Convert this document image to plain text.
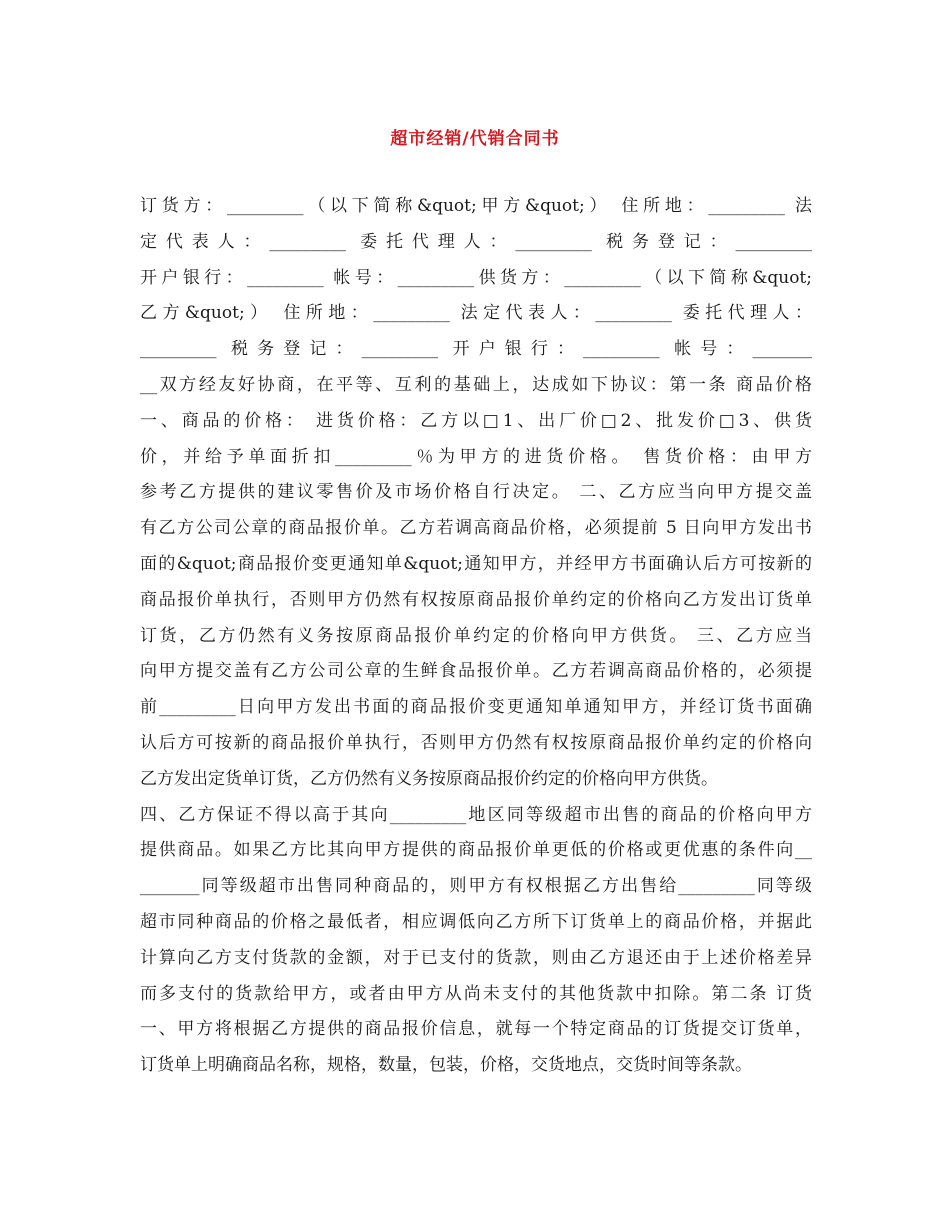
超市经销/代销合同书
订货方：_________（以下简称&quot;甲方&quot;） 住所地：_________ 法
定代表人：_________ 委托代理人：_________ 税务登记：_________
开户银行：_________ 帐号：_________供货方：_________（以下简称&quot;
乙方&quot;） 住所地：_________ 法定代表人：_________ 委托代理人：
_________ 税务登记：_________ 开户银行：_________ 帐号：_______
__双方经友好协商，在平等、互利的基础上，达成如下协议：第一条 商品价格
一、商品的价格： 进货价格：乙方以□1、出厂价□2、批发价□3、供货
价，并给予单面折扣_________％为甲方的进货价格。 售货价格：由甲方
参考乙方提供的建议零售价及市场价格自行决定。 二、乙方应当向甲方提交盖
有乙方公司公章的商品报价单。乙方若调高商品价格，必须提前 5 日向甲方发出书
面的&quot;商品报价变更通知单&quot;通知甲方，并经甲方书面确认后方可按新的
商品报价单执行，否则甲方仍然有权按原商品报价单约定的价格向乙方发出订货单
订货，乙方仍然有义务按原商品报价单约定的价格向甲方供货。 三、乙方应当
向甲方提交盖有乙方公司公章的生鲜食品报价单。乙方若调高商品价格的，必须提
前_________日向甲方发出书面的商品报价变更通知单通知甲方，并经订货书面确
认后方可按新的商品报价单执行，否则甲方仍然有权按原商品报价单约定的价格向
乙方发出定货单订货，乙方仍然有义务按原商品报价约定的价格向甲方供货。
四、乙方保证不得以高于其向_________地区同等级超市出售的商品的价格向甲方
提供商品。如果乙方比其向甲方提供的商品报价单更低的价格或更优惠的条件向__
_______同等级超市出售同种商品的，则甲方有权根据乙方出售给_________同等级
超市同种商品的价格之最低者，相应调低向乙方所下订货单上的商品价格，并据此
计算向乙方支付货款的金额，对于已支付的货款，则由乙方退还由于上述价格差异
而多支付的货款给甲方，或者由甲方从尚未支付的其他货款中扣除。第二条 订货
一、甲方将根据乙方提供的商品报价信息，就每一个特定商品的订货提交订货单，
订货单上明确商品名称，规格，数量，包装，价格，交货地点，交货时间等条款。
